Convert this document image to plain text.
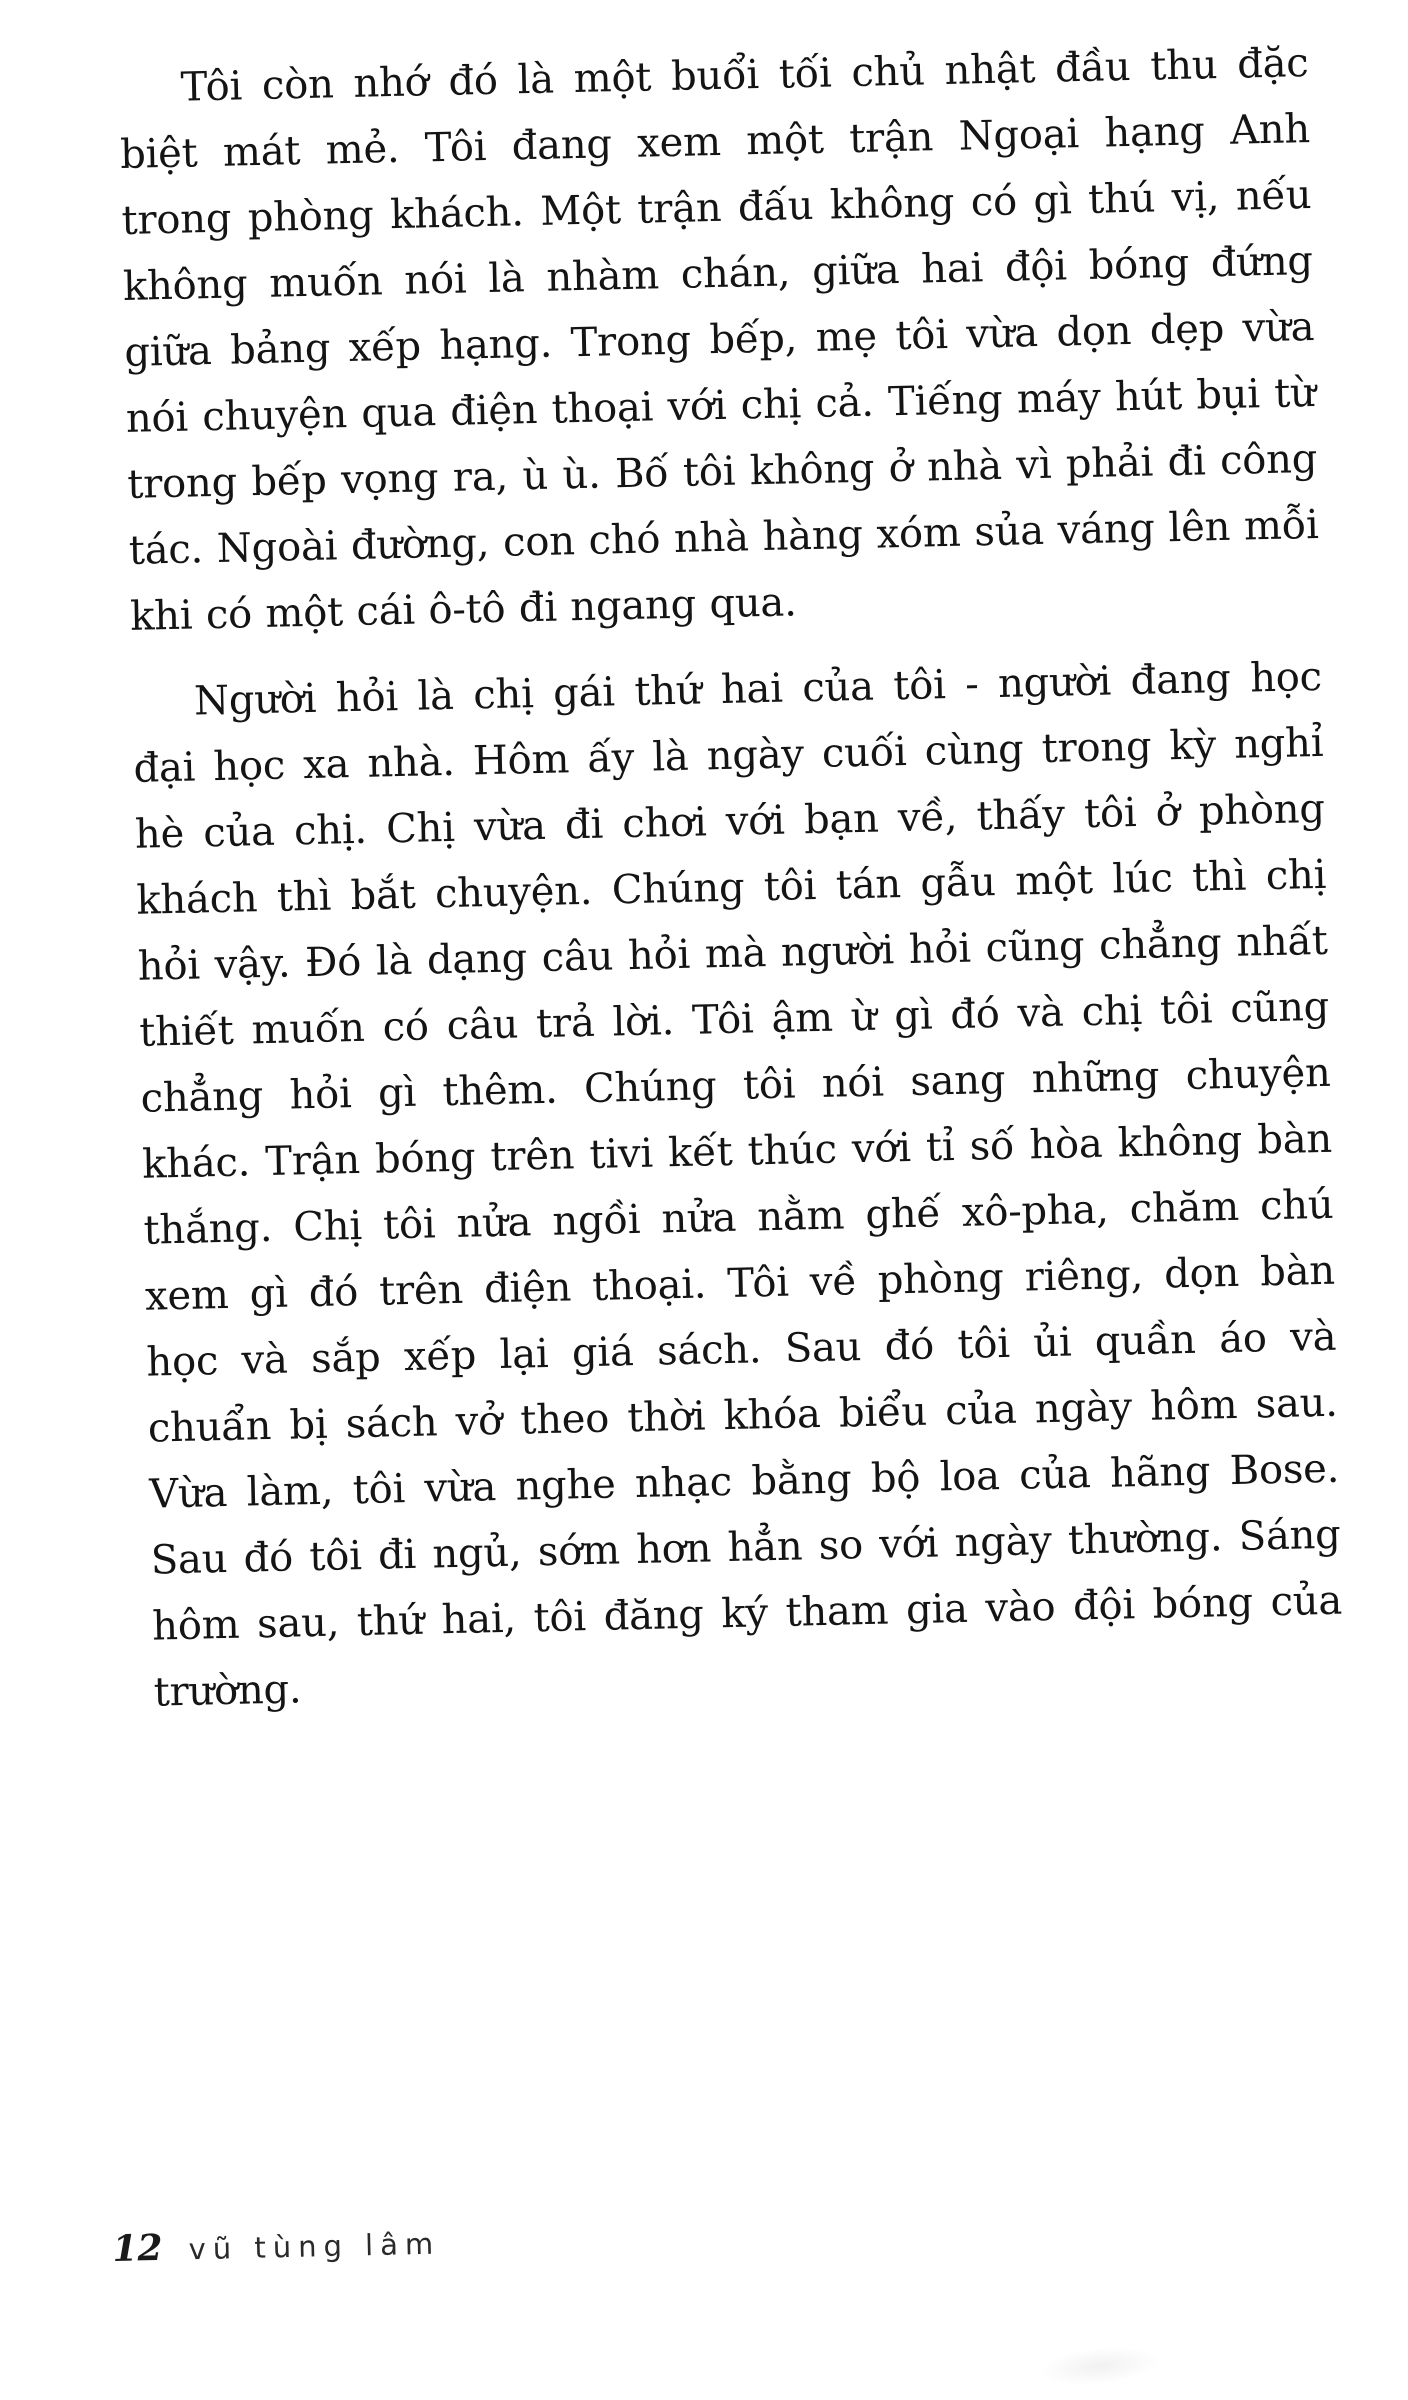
Tôi còn nhớ đó là một buổi tối chủ nhật đầu thu đặc biệt mát mẻ. Tôi đang xem một trận Ngoại hạng Anh trong phòng khách. Một trận đấu không có gì thú vị, nếu không muốn nói là nhàm chán, giữa hai đội bóng đứng giữa bảng xếp hạng. Trong bếp, mẹ tôi vừa dọn dẹp vừa nói chuyện qua điện thoại với chị cả. Tiếng máy hút bụi từ trong bếp vọng ra, ù ù. Bố tôi không ở nhà vì phải đi công tác. Ngoài đường, con chó nhà hàng xóm sủa váng lên mỗi khi có một cái ô-tô đi ngang qua.

Người hỏi là chị gái thứ hai của tôi - người đang học đại học xa nhà. Hôm ấy là ngày cuối cùng trong kỳ nghỉ hè của chị. Chị vừa đi chơi với bạn về, thấy tôi ở phòng khách thì bắt chuyện. Chúng tôi tán gẫu một lúc thì chị hỏi vậy. Đó là dạng câu hỏi mà người hỏi cũng chẳng nhất thiết muốn có câu trả lời. Tôi ậm ừ gì đó và chị tôi cũng chẳng hỏi gì thêm. Chúng tôi nói sang những chuyện khác. Trận bóng trên tivi kết thúc với tỉ số hòa không bàn thắng. Chị tôi nửa ngồi nửa nằm ghế xô-pha, chăm chú xem gì đó trên điện thoại. Tôi về phòng riêng, dọn bàn học và sắp xếp lại giá sách. Sau đó tôi ủi quần áo và chuẩn bị sách vở theo thời khóa biểu của ngày hôm sau. Vừa làm, tôi vừa nghe nhạc bằng bộ loa của hãng Bose. Sau đó tôi đi ngủ, sớm hơn hẳn so với ngày thường. Sáng hôm sau, thứ hai, tôi đăng ký tham gia vào đội bóng của trường.

12 vũ tùng lâm
